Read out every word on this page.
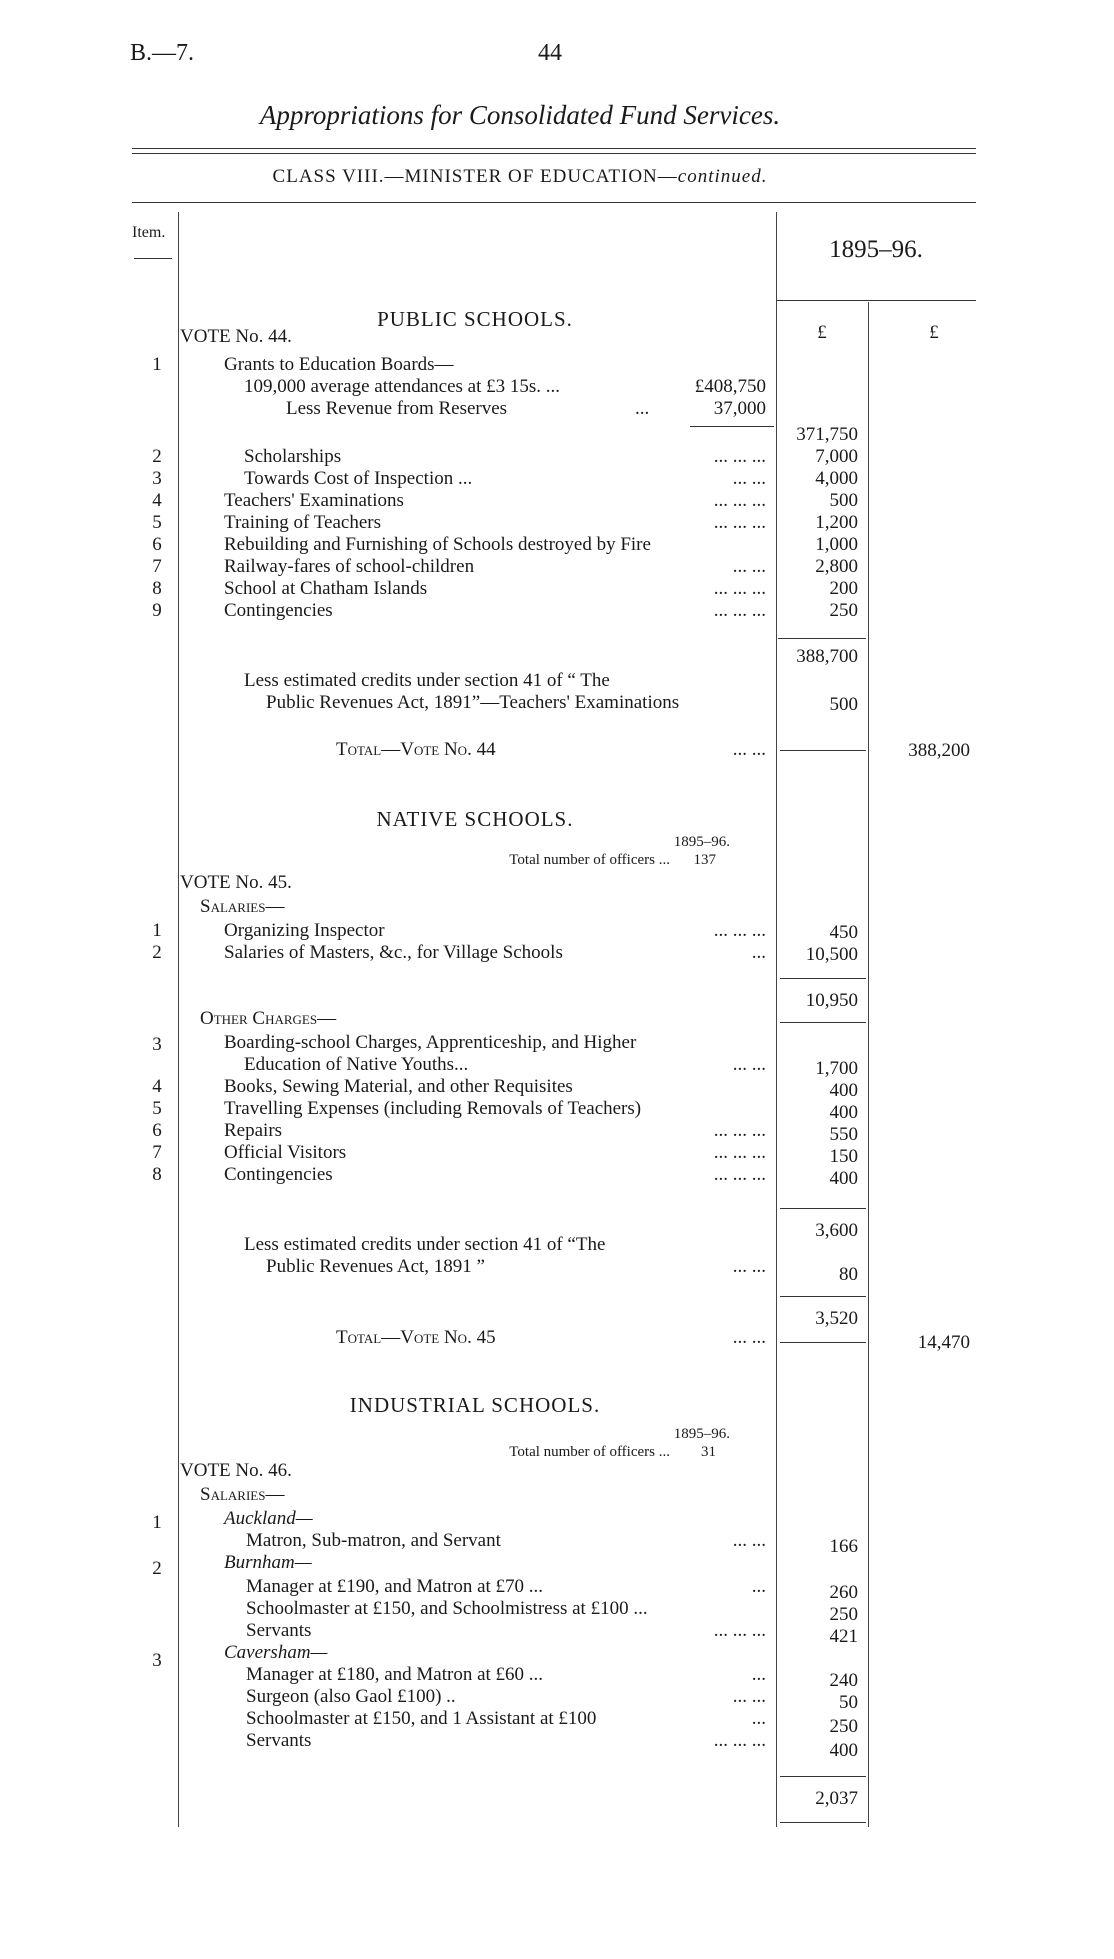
B.—7.	44
Appropriations for Consolidated Fund Services.
CLASS VIII.—MINISTER OF EDUCATION—continued.
Item.
1895–96.
£	£
PUBLIC SCHOOLS.
VOTE No. 44.
1	Grants to Education Boards—
109,000 average attendances at £3 15s. ...	£408,750
Less Revenue from Reserves	...	37,000
371,750
2	Scholarships	... ... ...	7,000
3	Towards Cost of Inspection ...	... ...	4,000
4	Teachers' Examinations	... ... ...	500
5	Training of Teachers	... ... ...	1,200
6	Rebuilding and Furnishing of Schools destroyed by Fire	1,000
7	Railway-fares of school-children	... ...	2,800
8	School at Chatham Islands	... ... ...	200
9	Contingencies	... ... ...	250
388,700
Less estimated credits under section 41 of “ The
Public Revenues Act, 1891”—Teachers' Examinations	500
Total—Vote No. 44	... ...	388,200
NATIVE SCHOOLS.
1895–96.
Total number of officers ... 137
VOTE No. 45.
Salaries—
1	Organizing Inspector	... ... ...	450
2	Salaries of Masters, &c., for Village Schools	...	10,500
10,950
Other Charges—
3	Boarding-school Charges, Apprenticeship, and Higher
Education of Native Youths...	... ...	1,700
4	Books, Sewing Material, and other Requisites	400
5	Travelling Expenses (including Removals of Teachers)	400
6	Repairs	... ... ...	550
7	Official Visitors	... ... ...	150
8	Contingencies	... ... ...	400
3,600
Less estimated credits under section 41 of “The
Public Revenues Act, 1891 ”	... ...	80
3,520
Total—Vote No. 45	... ...	14,470
INDUSTRIAL SCHOOLS.
1895–96.
Total number of officers ... 31
VOTE No. 46.
Salaries—
1	Auckland—
Matron, Sub-matron, and Servant	... ...	166
2	Burnham—
Manager at £190, and Matron at £70 ...	...	260
Schoolmaster at £150, and Schoolmistress at £100 ...	250
Servants	... ... ...	421
3	Caversham—
Manager at £180, and Matron at £60 ...	...	240
Surgeon (also Gaol £100) ..	... ...	50
Schoolmaster at £150, and 1 Assistant at £100	...	250
Servants	... ... ...	400
2,037
